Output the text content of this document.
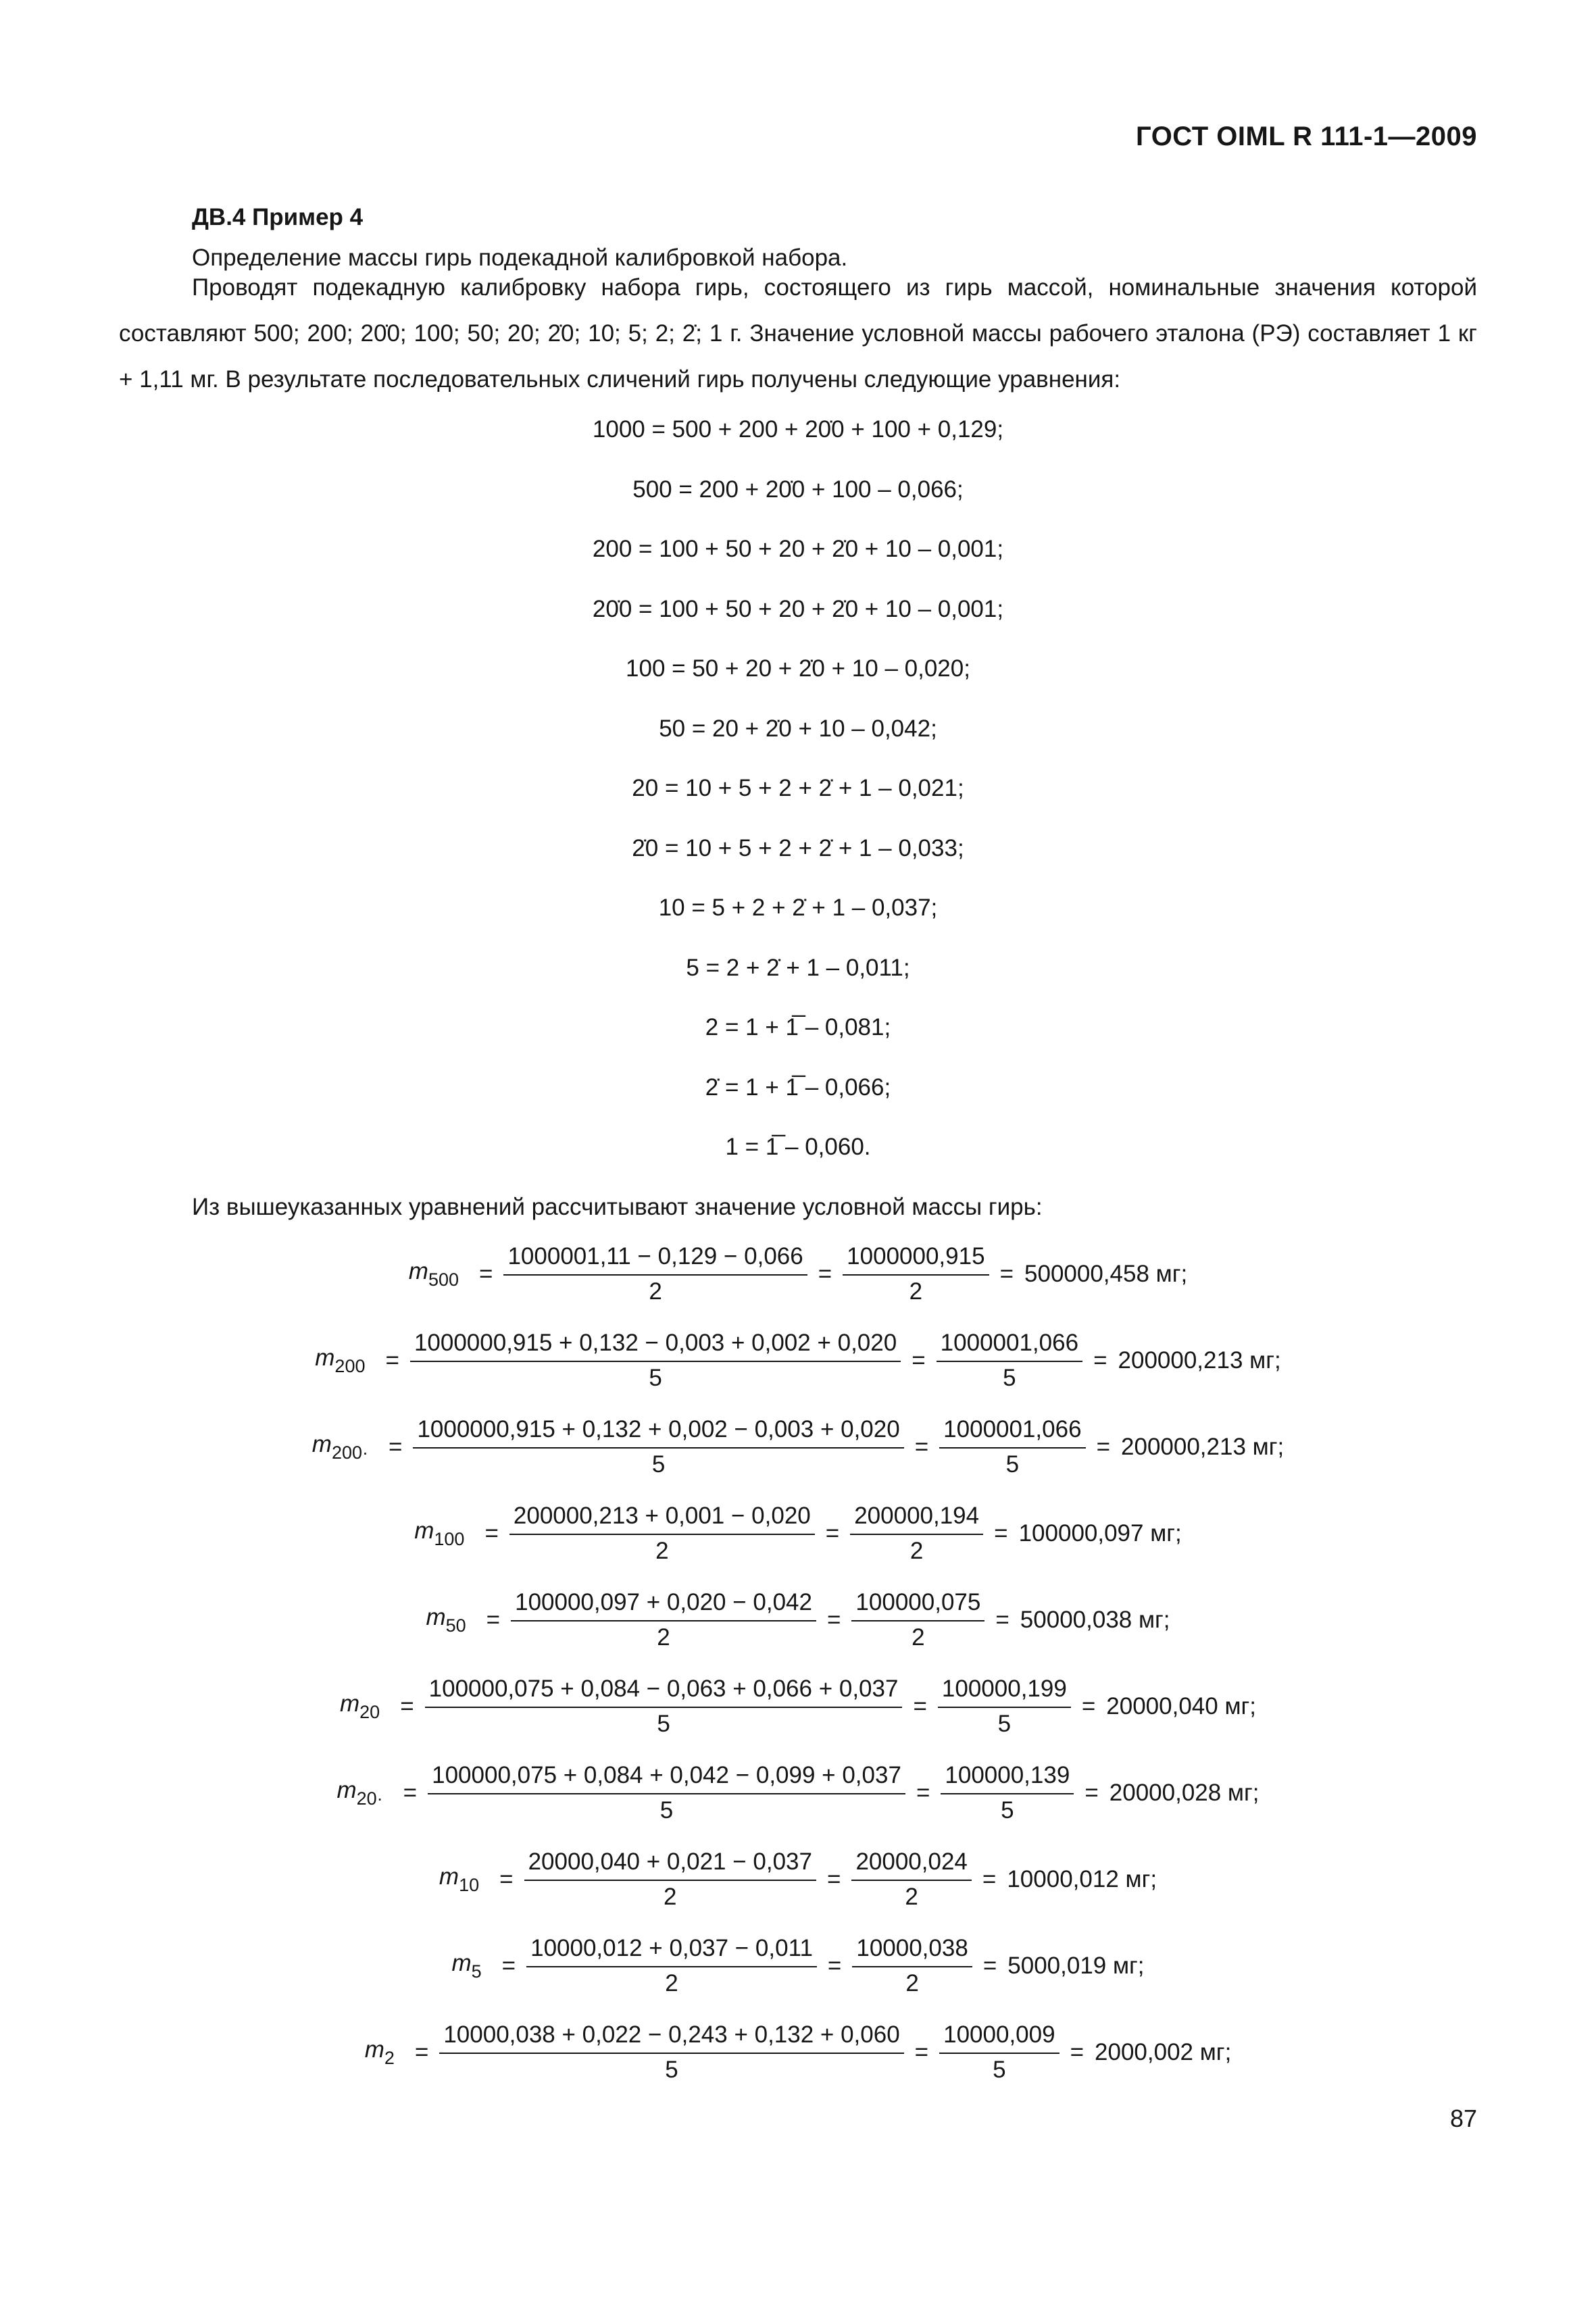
ГОСТ OIML R 111-1—2009
ДВ.4 Пример 4
Определение массы гирь подекадной калибровкой набора.
Проводят подекадную калибровку набора гирь, состоящего из гирь массой, номинальные значения которой составляют 500; 200; 20̇0; 100; 50; 20; 2̇0; 10; 5; 2; 2̇; 1 г. Значение условной массы рабочего эталона (РЭ) составляет 1 кг + 1,11 мг. В результате последовательных сличений гирь получены следующие уравнения:
1000 = 500 + 200 + 20̇0 + 100 + 0,129;
500 = 200 + 20̇0 + 100 – 0,066;
200 = 100 + 50 + 20 + 2̇0 + 10 – 0,001;
20̇0 = 100 + 50 + 20 + 2̇0 + 10 – 0,001;
100 = 50 + 20 + 2̇0 + 10 – 0,020;
50 = 20 + 2̇0 + 10 – 0,042;
20 = 10 + 5 + 2 + 2̇ + 1 – 0,021;
2̇0 = 10 + 5 + 2 + 2̇ + 1 – 0,033;
10 = 5 + 2 + 2̇ + 1 – 0,037;
5 = 2 + 2̇ + 1 – 0,011;
2 = 1 + 1̅ – 0,081;
2̇ = 1 + 1̅ – 0,066;
1 = 1̅ – 0,060.
Из вышеуказанных уравнений рассчитывают значение условной массы гирь:
$m_{500} = \frac{1000001,11 - 0,129 - 0,066}{2} = \frac{1000000,915}{2} = 500000,458$ мг;
$m_{200} = \frac{1000000,915 + 0,132 - 0,003 + 0,002 + 0,020}{5} = \frac{1000001,066}{5} = 200000,213$ мг;
$m_{200\cdot} = \frac{1000000,915 + 0,132 + 0,002 - 0,003 + 0,020}{5} = \frac{1000001,066}{5} = 200000,213$ мг;
$m_{100} = \frac{200000,213 + 0,001 - 0,020}{2} = \frac{200000,194}{2} = 100000,097$ мг;
$m_{50} = \frac{100000,097 + 0,020 - 0,042}{2} = \frac{100000,075}{2} = 50000,038$ мг;
$m_{20} = \frac{100000,075 + 0,084 - 0,063 + 0,066 + 0,037}{5} = \frac{100000,199}{5} = 20000,040$ мг;
$m_{20\cdot} = \frac{100000,075 + 0,084 + 0,042 - 0,099 + 0,037}{5} = \frac{100000,139}{5} = 20000,028$ мг;
$m_{10} = \frac{20000,040 + 0,021 - 0,037}{2} = \frac{20000,024}{2} = 10000,012$ мг;
$m_5 = \frac{10000,012 + 0,037 - 0,011}{2} = \frac{10000,038}{2} = 5000,019$ мг;
$m_2 = \frac{10000,038 + 0,022 - 0,243 + 0,132 + 0,060}{5} = \frac{10000,009}{5} = 2000,002$ мг;
87
